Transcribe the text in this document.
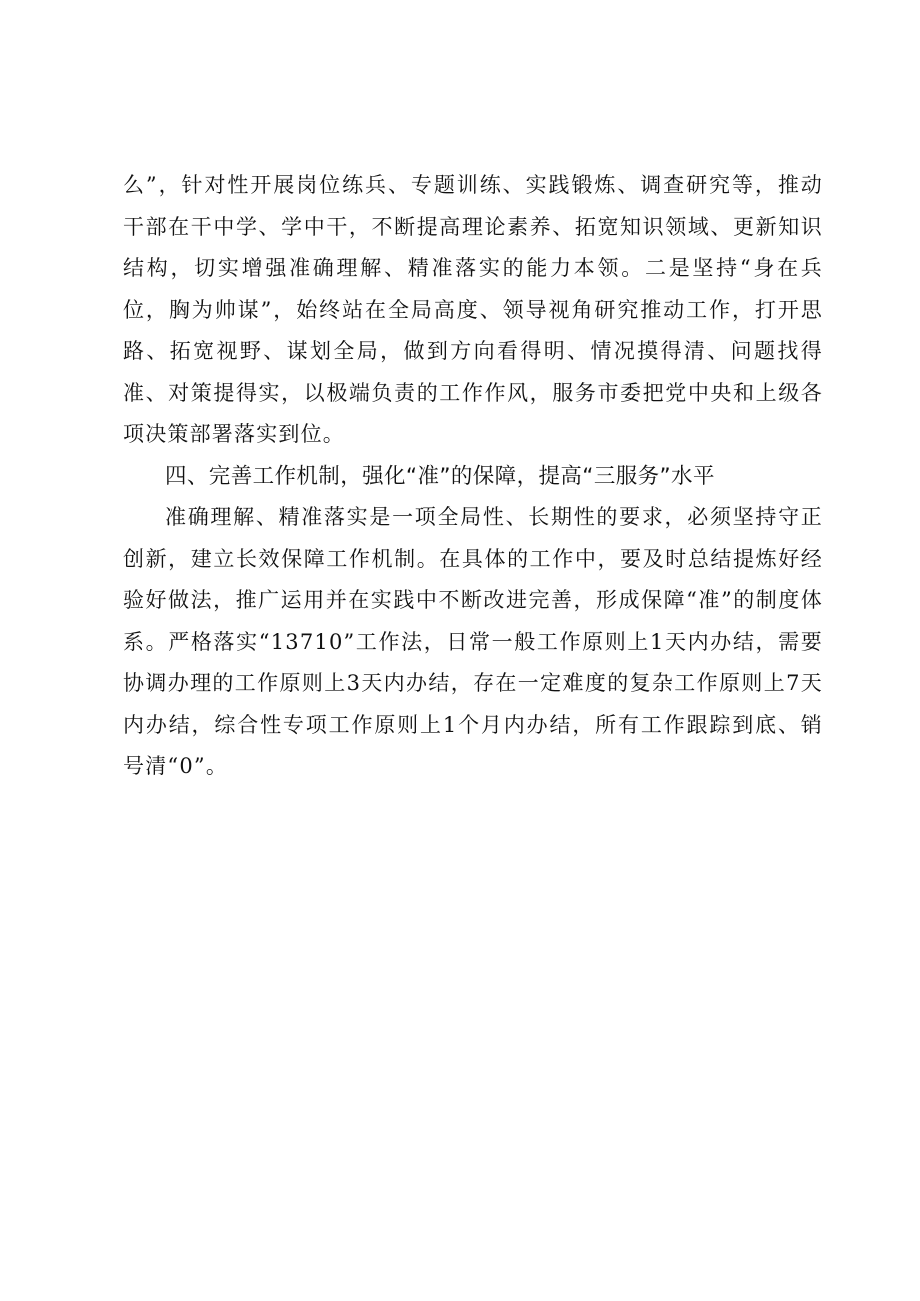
么”，针对性开展岗位练兵、专题训练、实践锻炼、调查研究等，推动干部在干中学、学中干，不断提高理论素养、拓宽知识领域、更新知识结构，切实增强准确理解、精准落实的能力本领。二是坚持“身在兵位，胸为帅谋”，始终站在全局高度、领导视角研究推动工作，打开思路、拓宽视野、谋划全局，做到方向看得明、情况摸得清、问题找得准、对策提得实，以极端负责的工作作风，服务市委把党中央和上级各项决策部署落实到位。

四、完善工作机制，强化“准”的保障，提高“三服务”水平

准确理解、精准落实是一项全局性、长期性的要求，必须坚持守正创新，建立长效保障工作机制。在具体的工作中，要及时总结提炼好经验好做法，推广运用并在实践中不断改进完善，形成保障“准”的制度体系。严格落实“13710”工作法，日常一般工作原则上1天内办结，需要协调办理的工作原则上3天内办结，存在一定难度的复杂工作原则上7天内办结，综合性专项工作原则上1个月内办结，所有工作跟踪到底、销号清“0”。
